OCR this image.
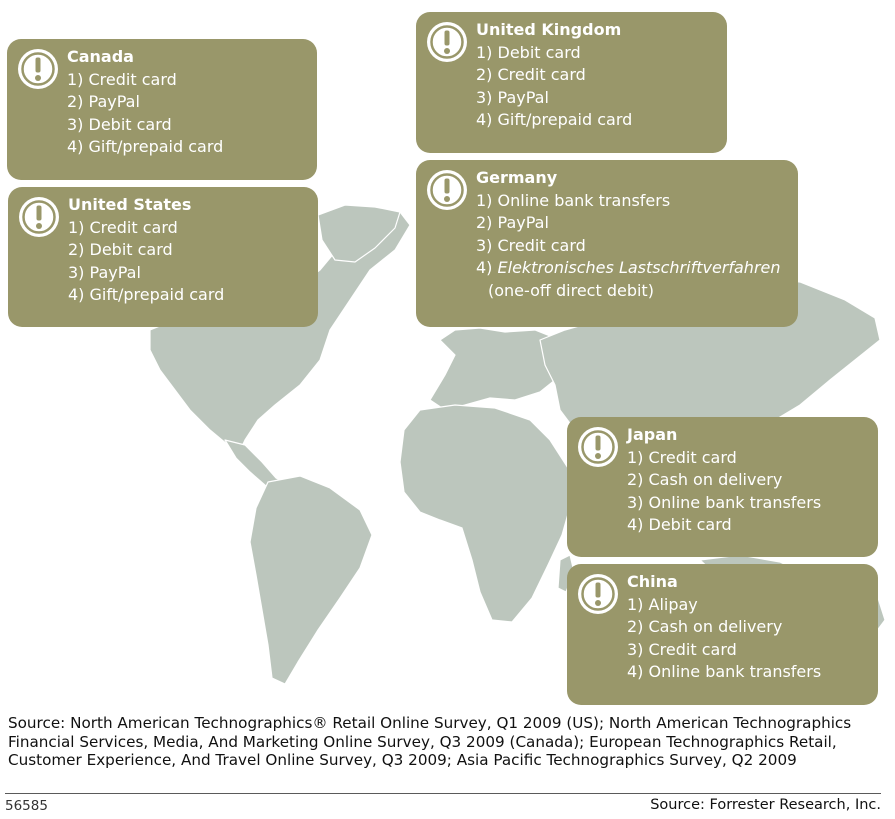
Canada
1) Credit card
2) PayPal
3) Debit card
4) Gift/prepaid card
United States
1) Credit card
2) Debit card
3) PayPal
4) Gift/prepaid card
United Kingdom
1) Debit card
2) Credit card
3) PayPal
4) Gift/prepaid card
Germany
1) Online bank transfers
2) PayPal
3) Credit card
4) Elektronisches Lastschriftverfahren
(one-off direct debit)
Japan
1) Credit card
2) Cash on delivery
3) Online bank transfers
4) Debit card
China
1) Alipay
2) Cash on delivery
3) Credit card
4) Online bank transfers
Source: North American Technographics® Retail Online Survey, Q1 2009 (US); North American Technographics Financial Services, Media, And Marketing Online Survey, Q3 2009 (Canada); European Technographics Retail, Customer Experience, And Travel Online Survey, Q3 2009; Asia Pacific Technographics Survey, Q2 2009
56585	Source: Forrester Research, Inc.
